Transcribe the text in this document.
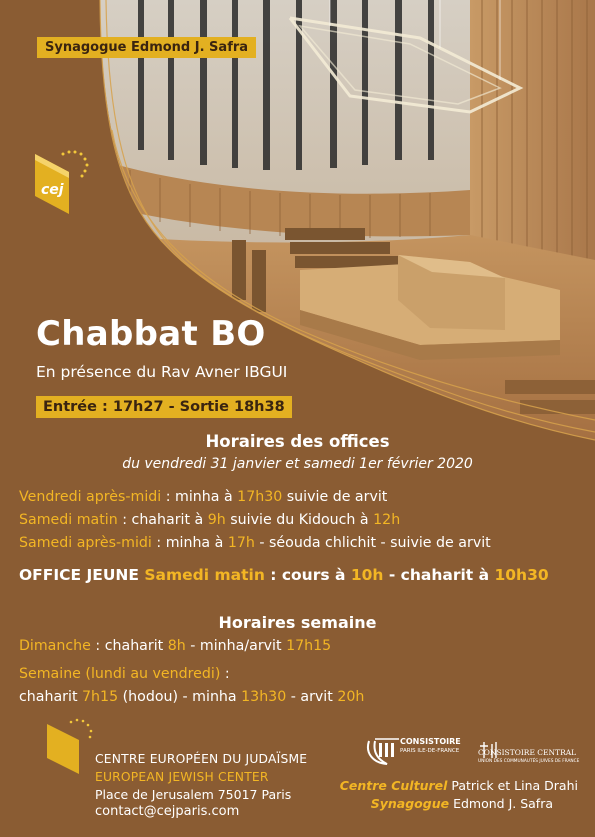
Synagogue Edmond J. Safra
cej
Chabbat BO
En présence du Rav Avner IBGUI
Entrée : 17h27 - Sortie 18h38
Horaires des offices
du vendredi 31 janvier et samedi 1er février 2020
Vendredi après-midi : minha à 17h30 suivie de arvit
Samedi matin : chaharit à 9h suivie du Kidouch à 12h
Samedi après-midi : minha à 17h - séouda chlichit - suivie de arvit
OFFICE JEUNE Samedi matin : cours à 10h - chaharit à 10h30
Horaires semaine
Dimanche : chaharit 8h - minha/arvit 17h15
Semaine (lundi au vendredi) :
chaharit 7h15 (hodou) - minha 13h30 - arvit 20h
CENTRE EUROPÉEN DU JUDAÏSME
EUROPEAN JEWISH CENTER
Place de Jerusalem 75017 Paris
contact@cejparis.com
CONSISTOIRE
PARIS ILE-DE-FRANCE	CONSISTOIRE CENTRAL
UNION DES COMMUNAUTÉS JUIVES DE FRANCE
Centre Culturel Patrick et Lina Drahi
Synagogue Edmond J. Safra
